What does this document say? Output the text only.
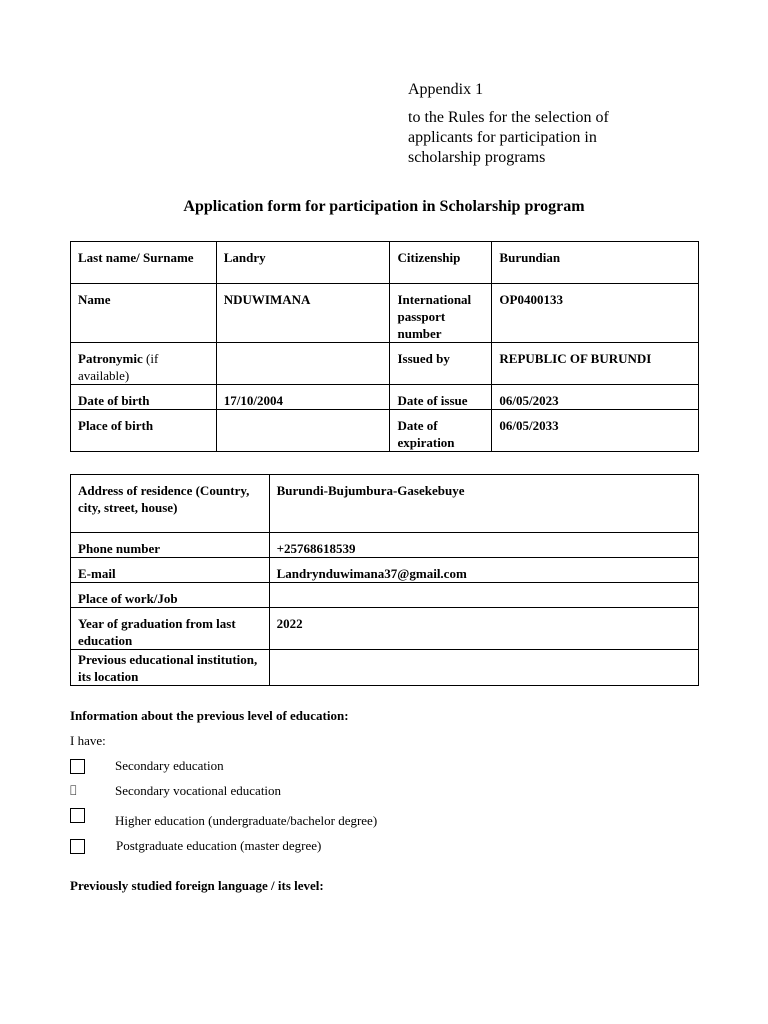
Appendix 1
to the Rules for the selection of
applicants for participation in
scholarship programs
Application form for participation in Scholarship program
Last name/ Surname	Landry	Citizenship	Burundian
Name	NDUWIMANA	International passport number	OP0400133
Patronymic (if available)		Issued by	REPUBLIC OF BURUNDI
Date of birth	17/10/2004	Date of issue	06/05/2023
Place of birth		Date of expiration	06/05/2033
Address of residence (Country, city, street, house)	Burundi-Bujumbura-Gasekebuye
Phone number	+25768618539
E-mail	Landrynduwimana37@gmail.com
Place of work/Job	
Year of graduation from last education	2022
Previous educational institution, its location	
Information about the previous level of education:
I have:
Secondary education
Secondary vocational education
Higher education (undergraduate/bachelor degree)
Postgraduate education (master degree)
Previously studied foreign language / its level:
